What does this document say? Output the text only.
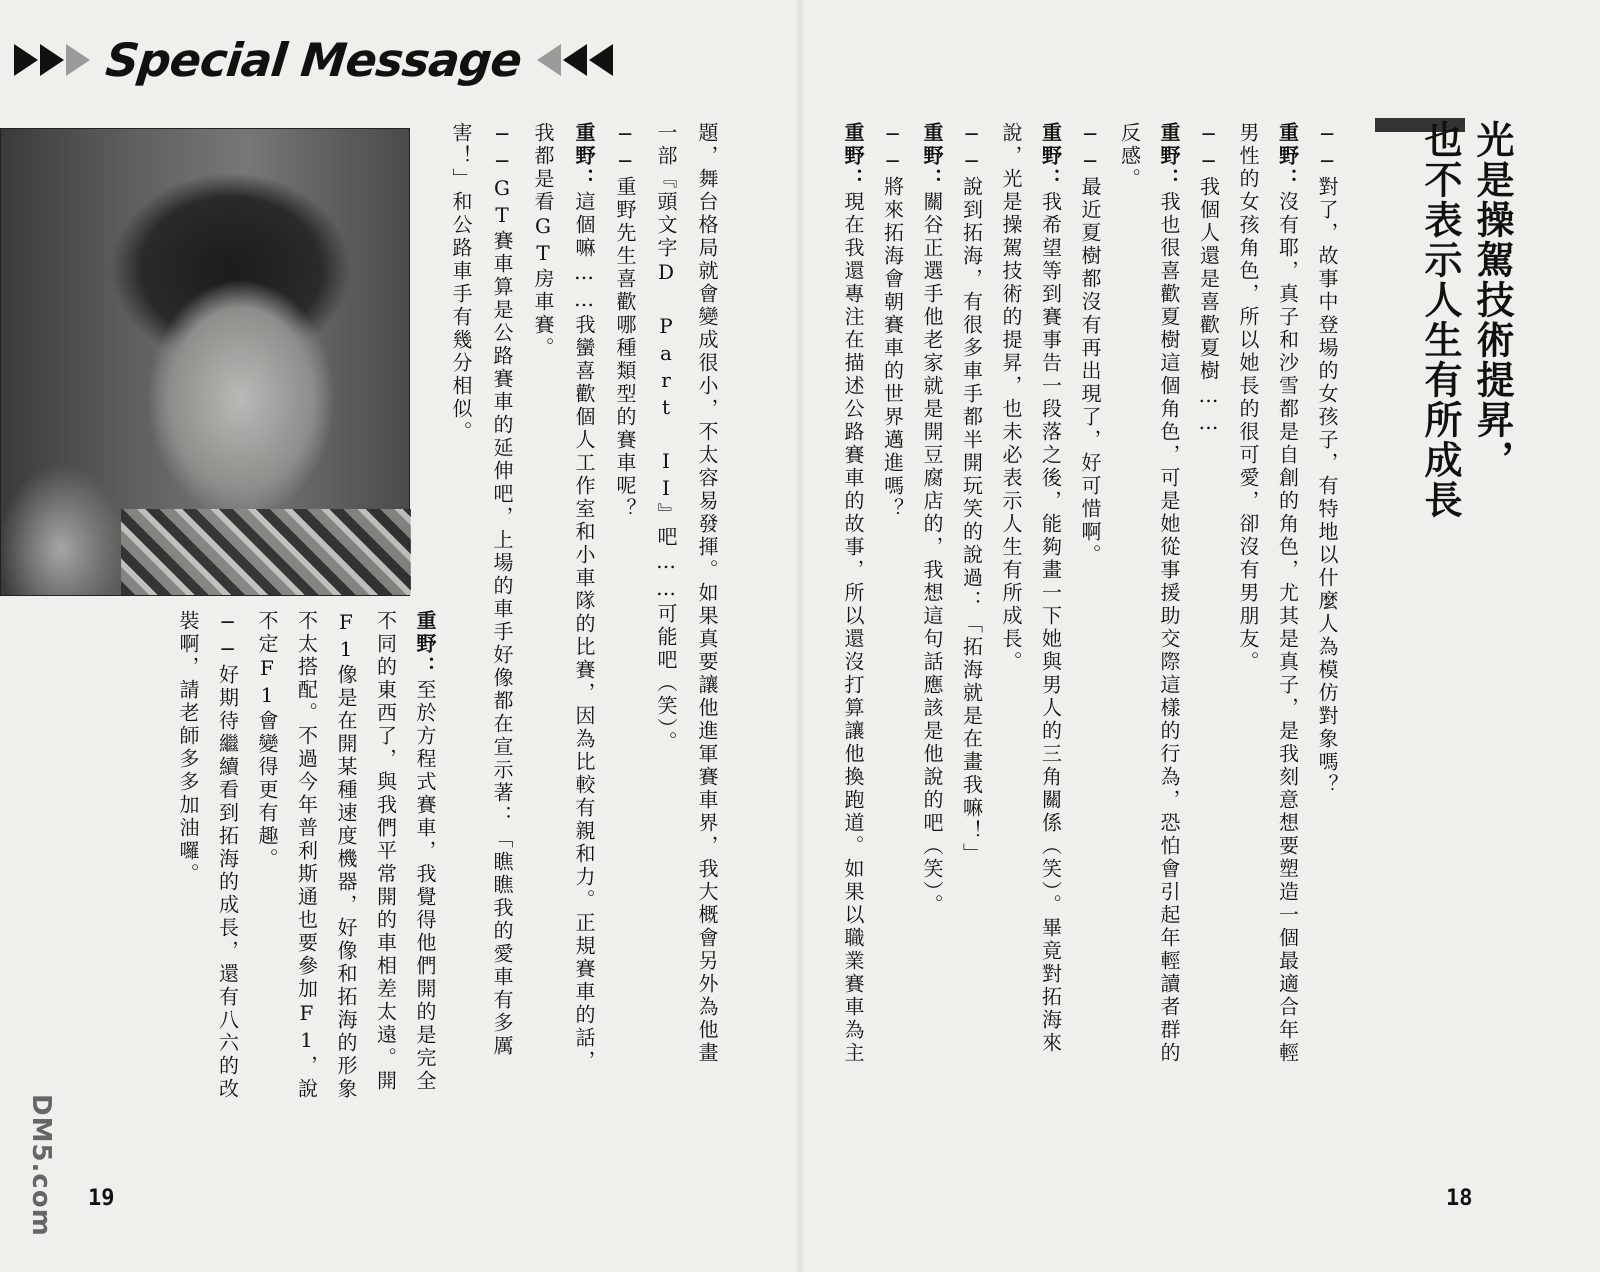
Special Message
題，舞台格局就會變成很小，不太容易發揮。如果真要讓他進軍賽車界，我大概會另外為他畫
一部『頭文字D Part II』吧……可能吧（笑）。
──重野先生喜歡哪種類型的賽車呢？
重野：這個嘛……我蠻喜歡個人工作室和小車隊的比賽，因為比較有親和力。正規賽車的話，
我都是看GT房車賽。
──GT賽車算是公路賽車的延伸吧，上場的車手好像都在宣示著：「瞧瞧我的愛車有多厲
害！」和公路車手有幾分相似。
重野：至於方程式賽車，我覺得他們開的是完全
不同的東西了，與我們平常開的車相差太遠。開
F1像是在開某種速度機器，好像和拓海的形象
不太搭配。不過今年普利斯通也要參加F1，說
不定F1會變得更有趣。
──好期待繼續看到拓海的成長，還有八六的改
裝啊，請老師多多加油囉。
DM5.com 19
光是操駕技術提昇，
也不表示人生有所成長
──對了，故事中登場的女孩子，有特地以什麼人為模仿對象嗎？
重野：沒有耶，真子和沙雪都是自創的角色，尤其是真子，是我刻意想要塑造一個最適合年輕
男性的女孩角色，所以她長的很可愛，卻沒有男朋友。
──我個人還是喜歡夏樹……
重野：我也很喜歡夏樹這個角色，可是她從事援助交際這樣的行為，恐怕會引起年輕讀者群的
反感。
──最近夏樹都沒有再出現了，好可惜啊。
重野：我希望等到賽事告一段落之後，能夠畫一下她與男人的三角關係（笑）。畢竟對拓海來
說，光是操駕技術的提昇，也未必表示人生有所成長。
──說到拓海，有很多車手都半開玩笑的說過：「拓海就是在畫我嘛！」
重野：關谷正選手他老家就是開豆腐店的，我想這句話應該是他說的吧（笑）。
──將來拓海會朝賽車的世界邁進嗎？
重野：現在我還專注在描述公路賽車的故事，所以還沒打算讓他換跑道。如果以職業賽車為主
18
